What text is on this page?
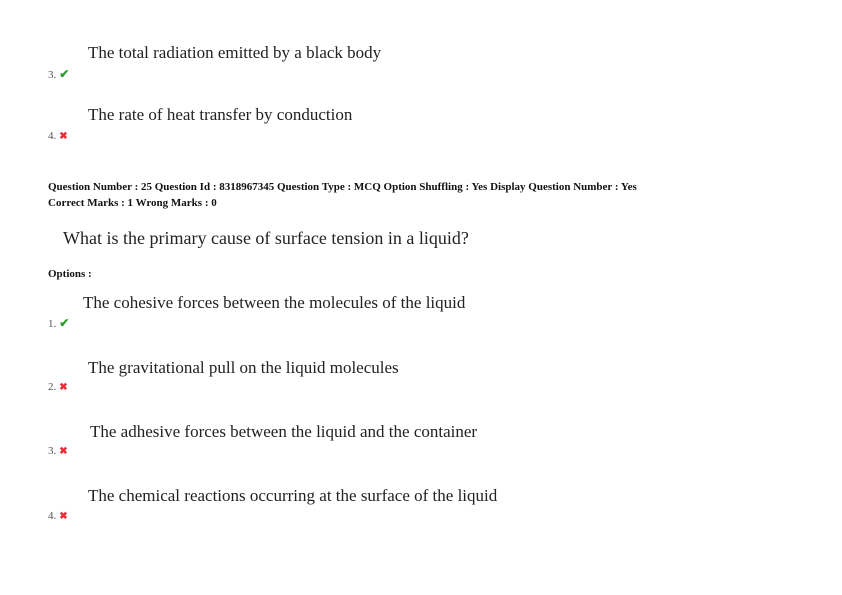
The total radiation emitted by a black body
3. ✔
The rate of heat transfer by conduction
4. ✖
Question Number : 25 Question Id : 8318967345 Question Type : MCQ Option Shuffling : Yes Display Question Number : Yes
Correct Marks : 1 Wrong Marks : 0
What is the primary cause of surface tension in a liquid?
Options :
The cohesive forces between the molecules of the liquid
1. ✔
The gravitational pull on the liquid molecules
2. ✖
The adhesive forces between the liquid and the container
3. ✖
The chemical reactions occurring at the surface of the liquid
4. ✖
